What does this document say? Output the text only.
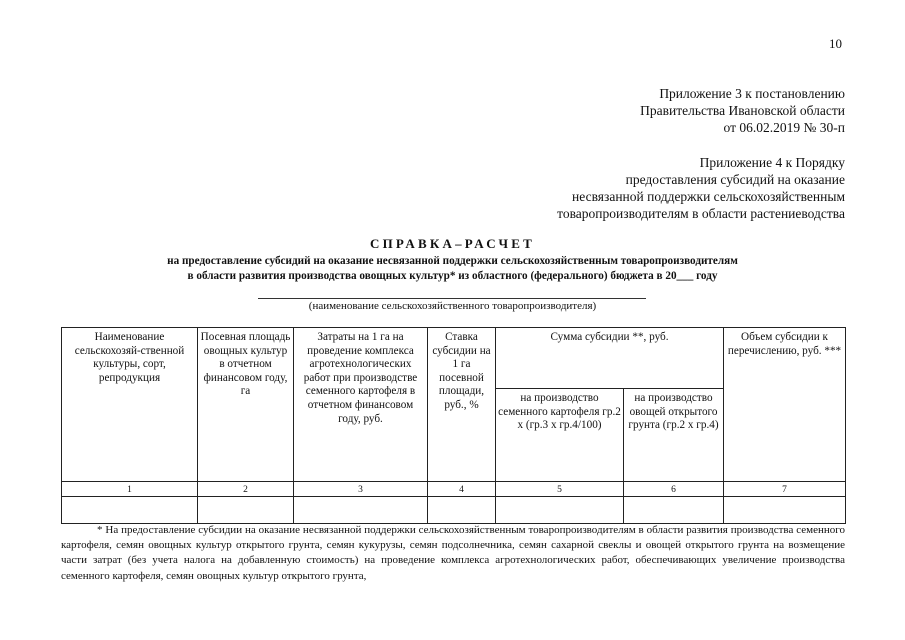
10
Приложение 3 к постановлению
Правительства Ивановской области
от 06.02.2019 № 30-п
Приложение 4 к Порядку
предоставления субсидий на оказание
несвязанной поддержки сельскохозяйственным
товаропроизводителям в области растениеводства
СПРАВКА–РАСЧЕТ
на предоставление субсидий на оказание несвязанной поддержки сельскохозяйственным товаропроизводителям
в области развития производства овощных культур* из областного (федерального) бюджета в 20___ году
(наименование сельскохозяйственного товаропроизводителя)
Наименование сельскохозяй-ственной культуры, сорт, репродукция	Посевная площадь овощных культур в отчетном финансовом году, га	Затраты на 1 га на проведение комплекса агротехнологических работ при производстве семенного картофеля в отчетном финансовом году, руб.	Ставка субсидии на 1 га посевной площади, руб., %	Сумма субсидии **, руб.		Объем субсидии к перечислению, руб. ***
				на производство семенного картофеля гр.2 х (гр.3 х гр.4/100)	на производство овощей открытого грунта (гр.2 х гр.4)	
1	2	3	4	5	6	7

* На предоставление субсидии на оказание несвязанной поддержки сельскохозяйственным товаропроизводителям в области развития производства семенного картофеля, семян овощных культур открытого грунта, семян кукурузы, семян подсолнечника, семян сахарной свеклы и овощей открытого грунта на возмещение части затрат (без учета налога на добавленную стоимость) на проведение комплекса агротехнологических работ, обеспечивающих увеличение производства семенного картофеля, семян овощных культур открытого грунта,
